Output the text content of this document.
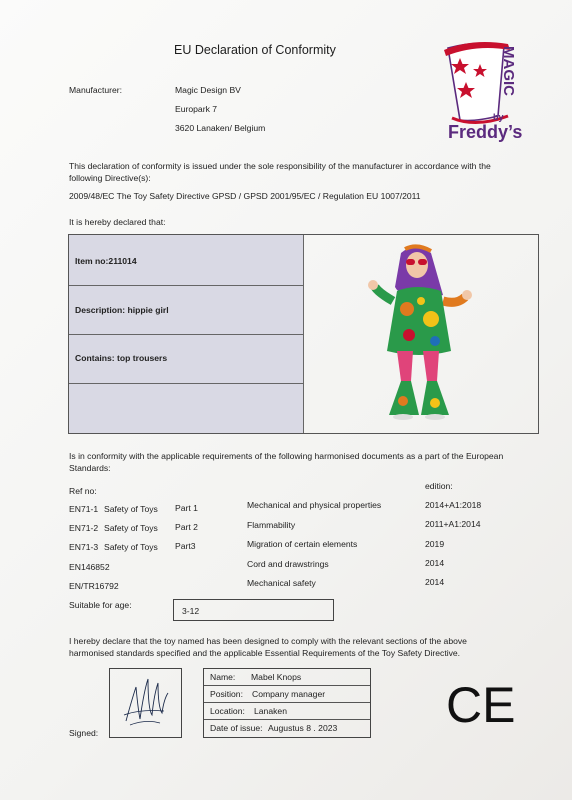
EU Declaration of Conformity
Manufacturer:	Magic Design BV
Europark 7
3620 Lanaken/ Belgium
MAGIC
by
Freddy’s
This declaration of conformity is issued under the sole responsibility of the manufacturer in accordance with the following Directive(s):
2009/48/EC The Toy Safety Directive GPSD / GPSD 2001/95/EC / Regulation EU 1007/2011
It is hereby declared that:
Item no:211014
Description: hippie girl
Contains: top trousers
Is in conformity with the applicable requirements of the following harmonised documents as a part of the European Standards:
Ref no:	edition:
EN71-1 Safety of Toys Part 1	Mechanical and physical properties	2014+A1:2018
EN71-2 Safety of Toys Part 2	Flammability	2011+A1:2014
EN71-3 Safety of Toys Part3	Migration of certain elements	2019
EN146852	Cord and drawstrings	2014
EN/TR16792	Mechanical safety	2014
Suitable for age:
3-12
I hereby declare that the toy named has been designed to comply with the relevant sections of the above harmonised standards specified and the applicable Essential Requirements of the Toy Safety Directive.
Signed:
Name: Mabel Knops
Position: Company manager
Location: Lanaken
Date of issue: Augustus 8 . 2023 CE
